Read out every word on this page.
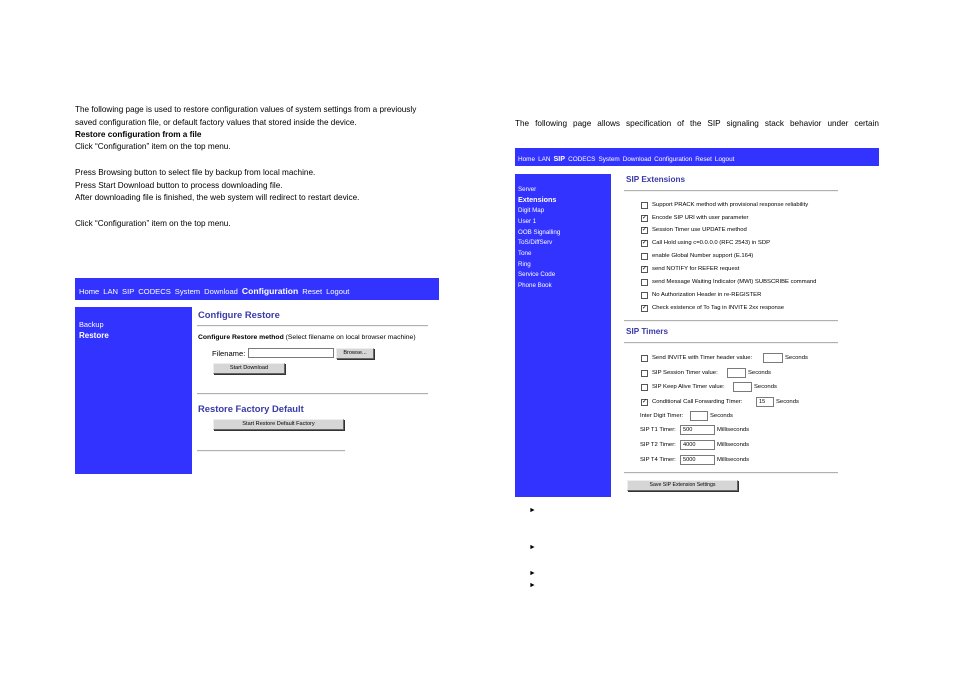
The following page is used to restore configuration values of system settings from a previously
saved configuration file, or default factory values that stored inside the device.
Restore configuration from a file
Click “Configuration” item on the top menu.
Press Browsing button to select file by backup from local machine.
Press Start Download button to process downloading file.
After downloading file is finished, the web system will redirect to restart device.
Click “Configuration” item on the top menu.
Home LAN SIP CODECS System Download Configuration Reset Logout
Backup
Restore
Configure Restore
Configure Restore method (Select filename on local browser machine)
Filename:	Browse...
Start Download
Restore Factory Default
Start Restore Default Factory
The following page allows specification of the SIP signaling stack behavior under certain
Home LAN SIP CODECS System Download Configuration Reset Logout
Server
Extensions
Digit Map
User 1
OOB Signalling
ToS/DiffServ
Tone
Ring
Service Code
Phone Book
SIP Extensions
Support PRACK method with provisional response reliability
✓ Encode SIP URI with user parameter
✓ Session Timer use UPDATE method
✓ Call Hold using c=0.0.0.0 (RFC 2543) in SDP
enable Global Number support (E.164)
✓ send NOTIFY for REFER request
send Message Waiting Indicator (MWI) SUBSCRIBE command
No Authorization Header in re-REGISTER
✓ Check existence of To Tag in INVITE 2xx response
SIP Timers
Send INVITE with Timer header value:	Seconds
SIP Session Timer value:	Seconds
SIP Keep Alive Timer value:	Seconds
✓ Conditional Call Forwarding Timer:	15	Seconds
Inter Digit Timer:	Seconds
SIP T1 Timer:	500	Milliseconds
SIP T2 Timer:	4000	Milliseconds
SIP T4 Timer:	5000	Milliseconds
Save SIP Extension Settings
►
►
►
►
